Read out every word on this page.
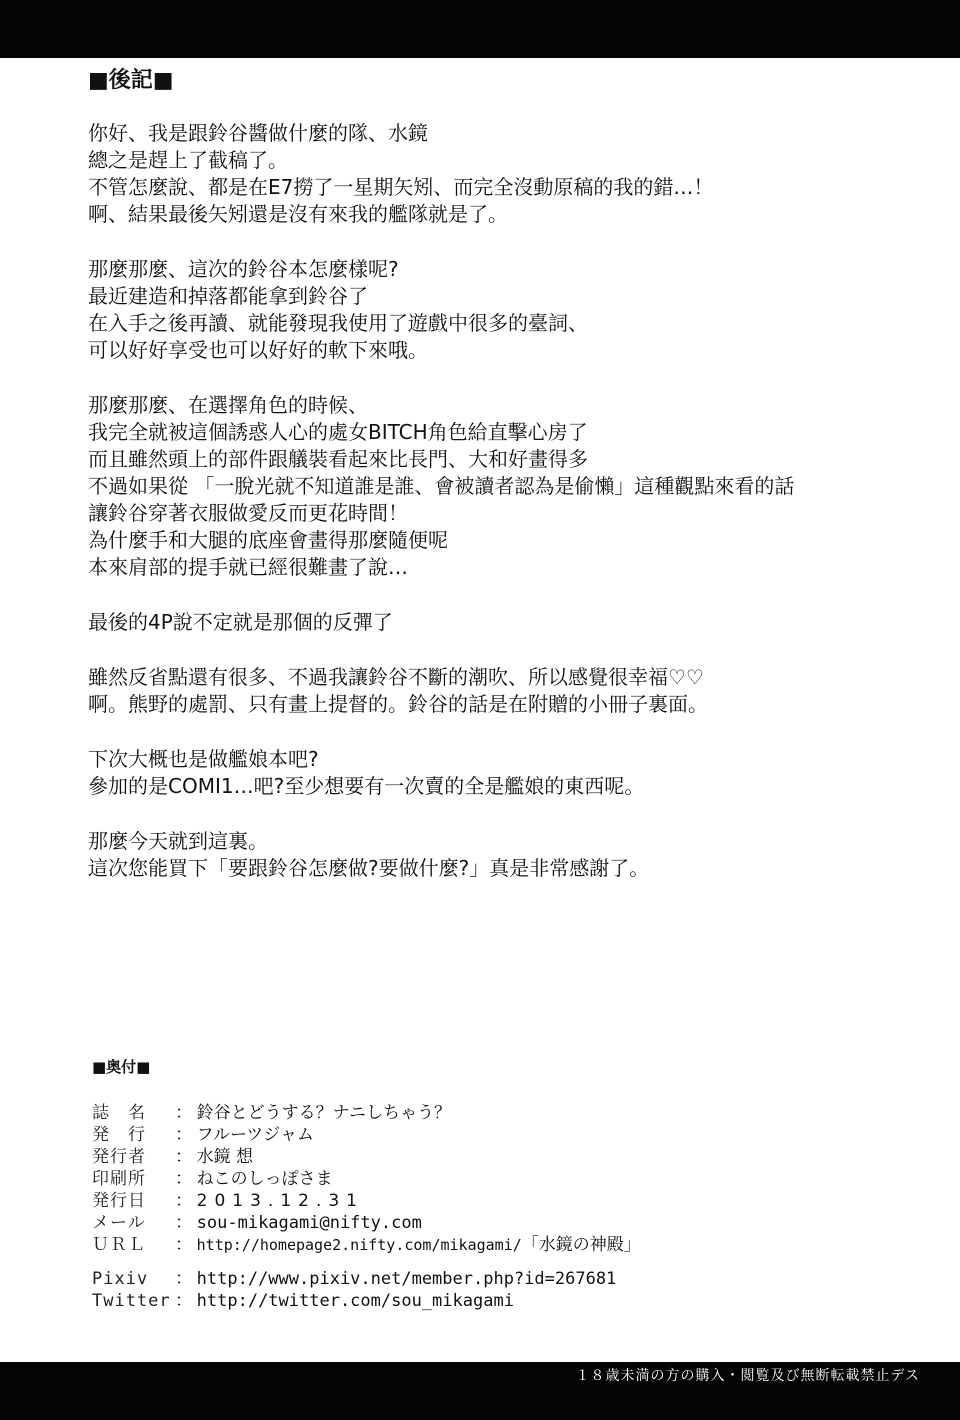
■後記■
你好、我是跟鈴谷醬做什麼的隊、水鏡
總之是趕上了截稿了。
不管怎麼說、都是在E7撈了一星期矢矧、而完全沒動原稿的我的錯…！
啊、結果最後矢矧還是沒有來我的艦隊就是了。
那麼那麼、這次的鈴谷本怎麼樣呢?
最近建造和掉落都能拿到鈴谷了
在入手之後再讀、就能發現我使用了遊戲中很多的臺詞、
可以好好享受也可以好好的軟下來哦。
那麼那麼、在選擇角色的時候、
我完全就被這個誘惑人心的處女BITCH角色給直擊心房了
而且雖然頭上的部件跟艤裝看起來比長門、大和好畫得多
不過如果從 「一脫光就不知道誰是誰、會被讀者認為是偷懶」這種觀點來看的話
讓鈴谷穿著衣服做愛反而更花時間！
為什麼手和大腿的底座會畫得那麼隨便呢
本來肩部的提手就已經很難畫了說…
最後的4P說不定就是那個的反彈了
雖然反省點還有很多、不過我讓鈴谷不斷的潮吹、所以感覺很幸福♡♡
啊。熊野的處罰、只有畫上提督的。鈴谷的話是在附贈的小冊子裏面。
下次大概也是做艦娘本吧?
參加的是COMI1…吧?至少想要有一次賣的全是艦娘的東西呢。
那麼今天就到這裏。
這次您能買下「要跟鈴谷怎麼做?要做什麼?」真是非常感謝了。
■奥付■
誌　名	：	鈴谷とどうする？ナニしちゃう？
発　行	：	フルーツジャム
発行者	：	水鏡 想
印刷所	：	ねこのしっぽさま
発行日	：	2013.12.31
メール	：	sou-mikagami@nifty.com
ＵＲＬ	：	http://homepage2.nifty.com/mikagami/「水鏡の神殿」

Pixiv	：	http://www.pixiv.net/member.php?id=267681
Twitter	：	http://twitter.com/sou_mikagami
１８歳未満の方の購入・閲覧及び無断転載禁止デス
